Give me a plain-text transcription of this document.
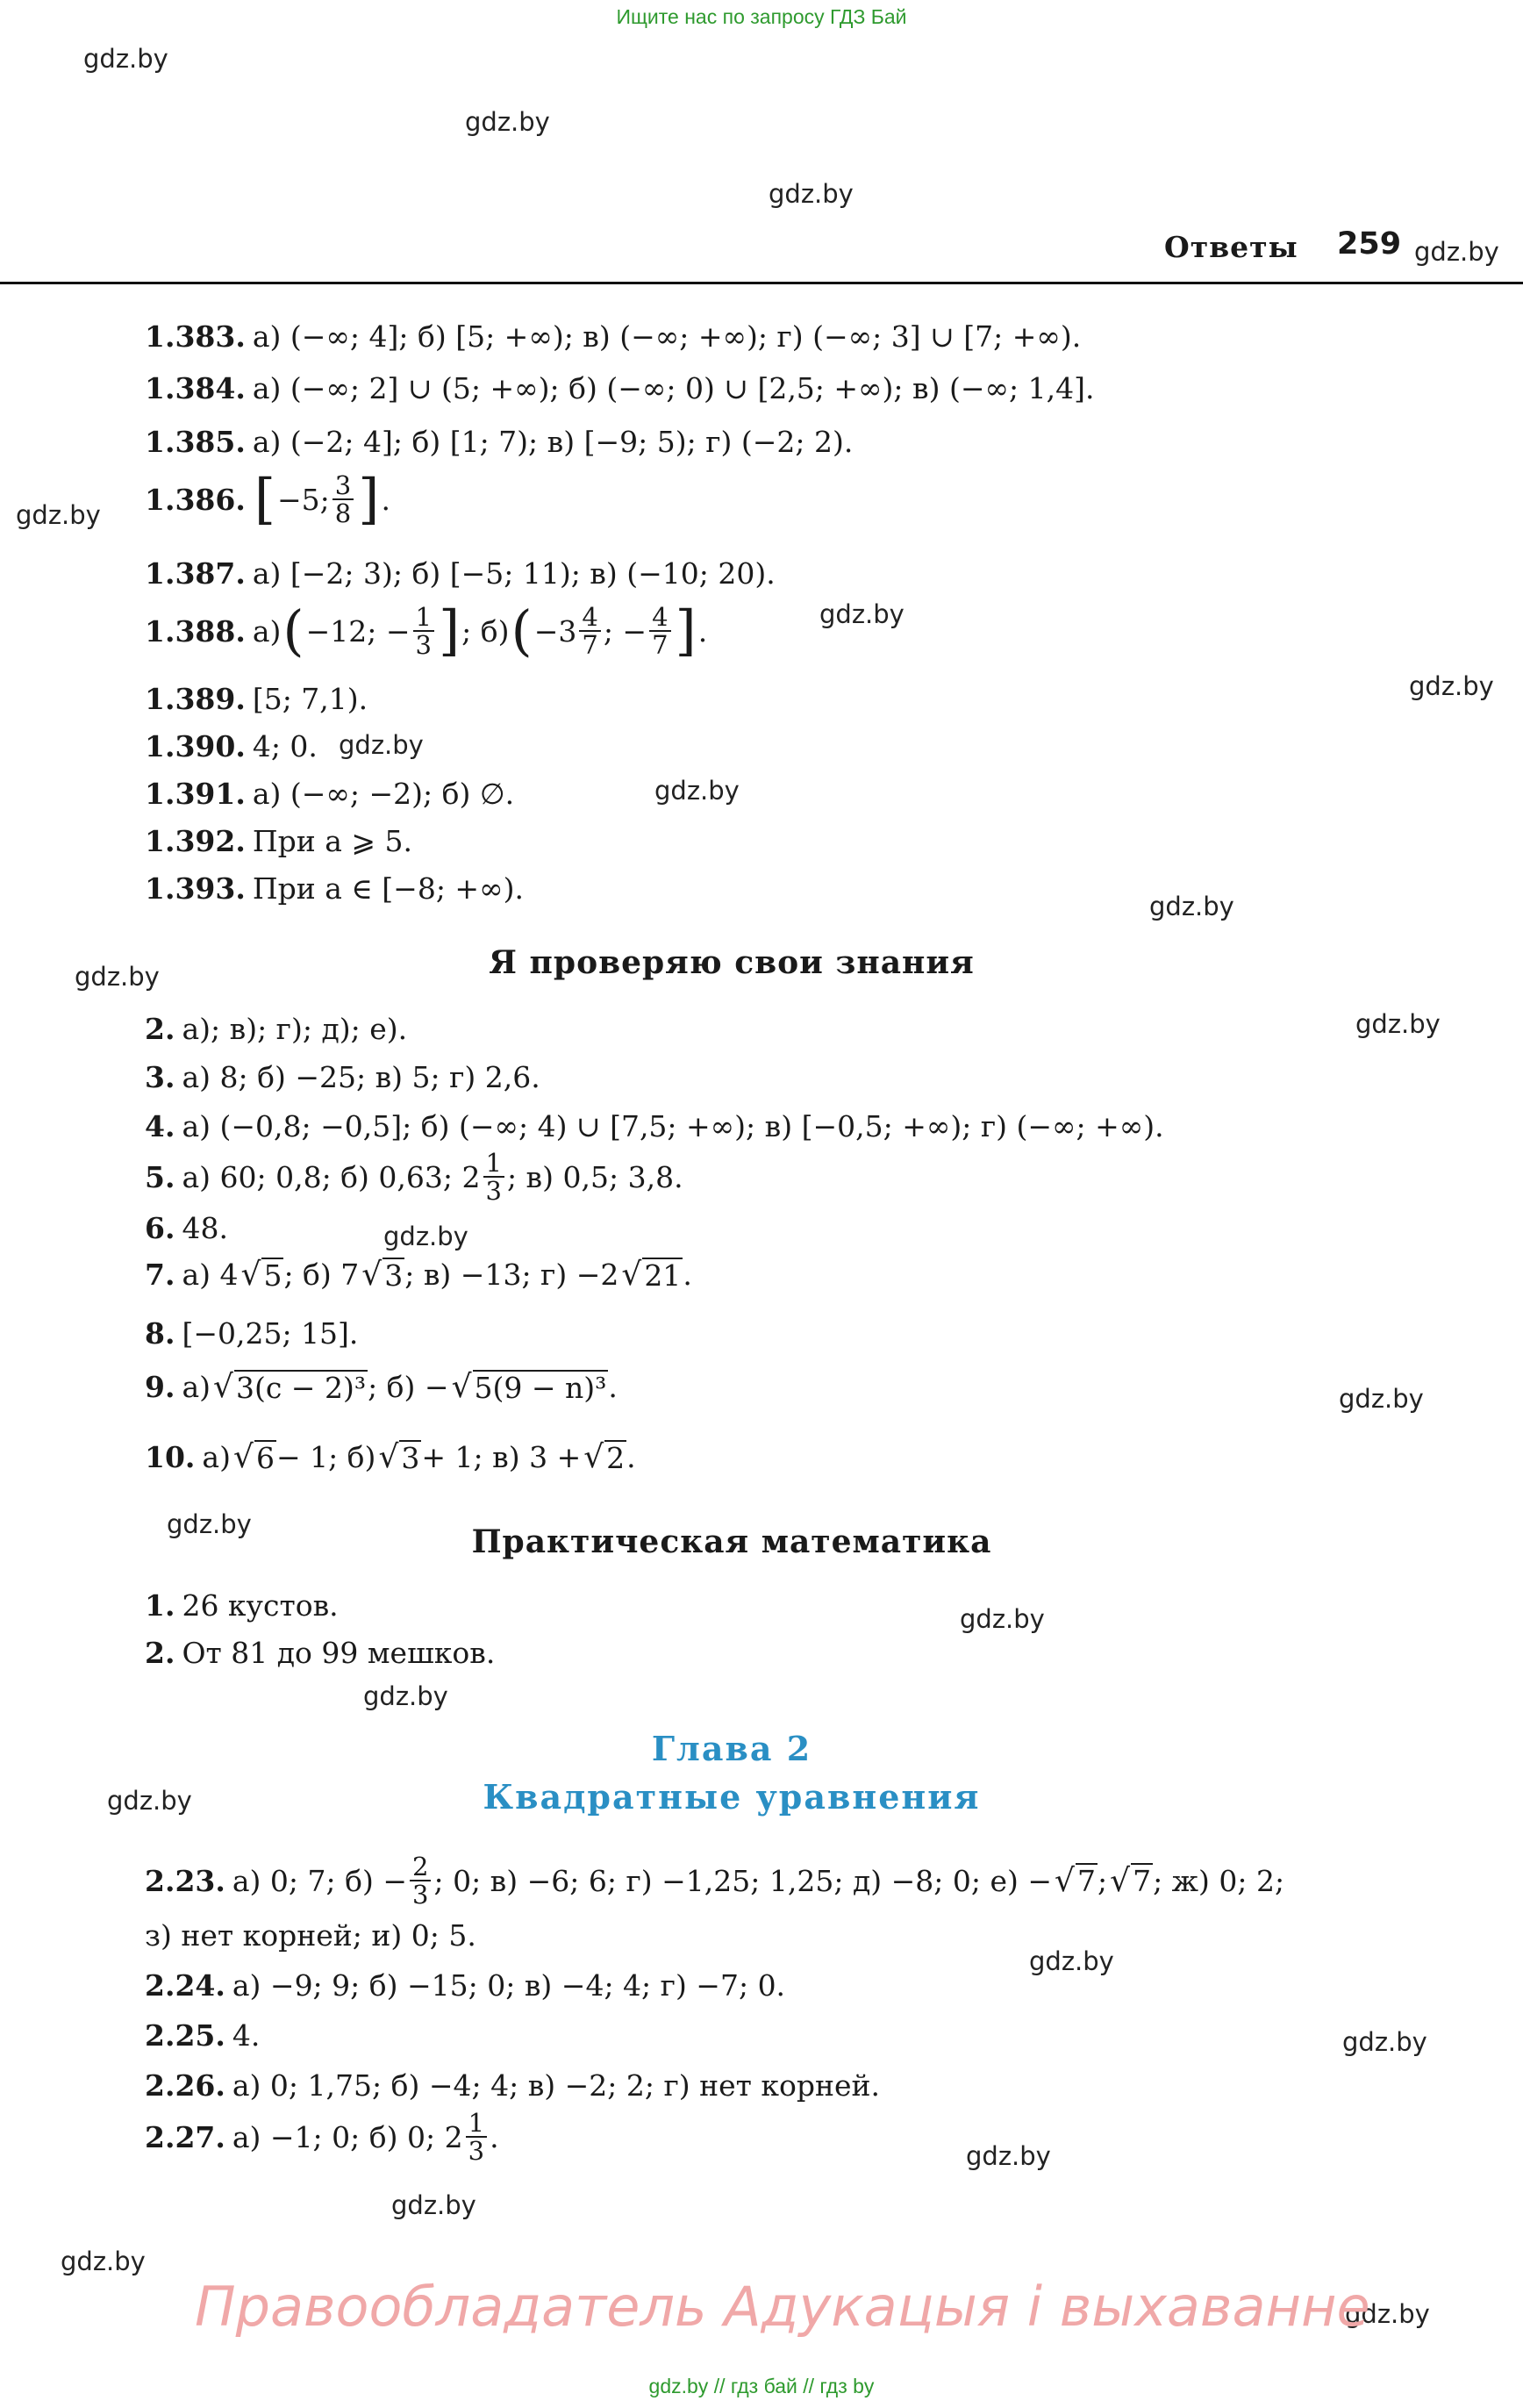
Ищите нас по запросу ГДЗ Бай
gdz.by
gdz.by
gdz.by
gdz.by
gdz.by
gdz.by
gdz.by
gdz.by
gdz.by
gdz.by
gdz.by
gdz.by
gdz.by
gdz.by
gdz.by
gdz.by
gdz.by
gdz.by
gdz.by
gdz.by
gdz.by
gdz.by
gdz.by
gdz.by
Ответы 259
1.383. а) (−∞; 4]; б) [5; +∞); в) (−∞; +∞); г) (−∞; 3] ∪ [7; +∞).
1.384. а) (−∞; 2] ∪ (5; +∞); б) (−∞; 0) ∪ [2,5; +∞); в) (−∞; 1,4].
1.385. а) (−2; 4]; б) [1; 7); в) [−9; 5); г) (−2; 2).
1.386. [ −5; $\frac{3}{8}$ ] .
1.387. а) [−2; 3); б) [−5; 11); в) (−10; 20).
1.388. а) ( −12; − $\frac{1}{3}$ ] ; б) ( $-3 \frac{4}{7}$ ; − $\frac{4}{7}$ ] .
1.389. [5; 7,1).
1.390. 4; 0.
1.391. а) (−∞; −2); б) ∅.
1.392. При a ⩾ 5.
1.393. При a ∈ [−8; +∞).
Я проверяю свои знания
2. а); в); г); д); е).
3. а) 8; б) −25; в) 5; г) 2,6.
4. а) (−0,8; −0,5]; б) (−∞; 4) ∪ [7,5; +∞); в) [−0,5; +∞); г) (−∞; +∞).
5. а) 60; 0,8; б) 0,63; $2 \frac{1}{3}$ ; в) 0,5; 3,8.
6. 48.
7. а) 4 √ 5 ; б) 7 √ 3 ; в) −13; г) −2 √ 21 .
8. [−0,25; 15].
9. а) √ 3(c − 2)³ ; б) − √ 5(9 − n)³ .
10. а) √ 6 − 1; б) √ 3 + 1; в) 3 + √ 2 .
Практическая математика
1. 26 кустов.
2. От 81 до 99 мешков.
Глава 2
Квадратные уравнения
2.23. а) 0; 7; $б) - \frac{2}{3}$ ; 0; в) −6; 6; г) −1,25; 1,25; д) −8; 0; е) − √ 7 ; √ 7 ; ж) 0; 2;
з) нет корней; и) 0; 5.
2.24. а) −9; 9; б) −15; 0; в) −4; 4; г) −7; 0.
2.25. 4.
2.26. а) 0; 1,75; б) −4; 4; в) −2; 2; г) нет корней.
2.27. а) −1; 0; б) 0; $2 \frac{1}{3}$ .
Правообладатель Адукацыя і выхаванне
gdz.by // гдз бай // гдз by
